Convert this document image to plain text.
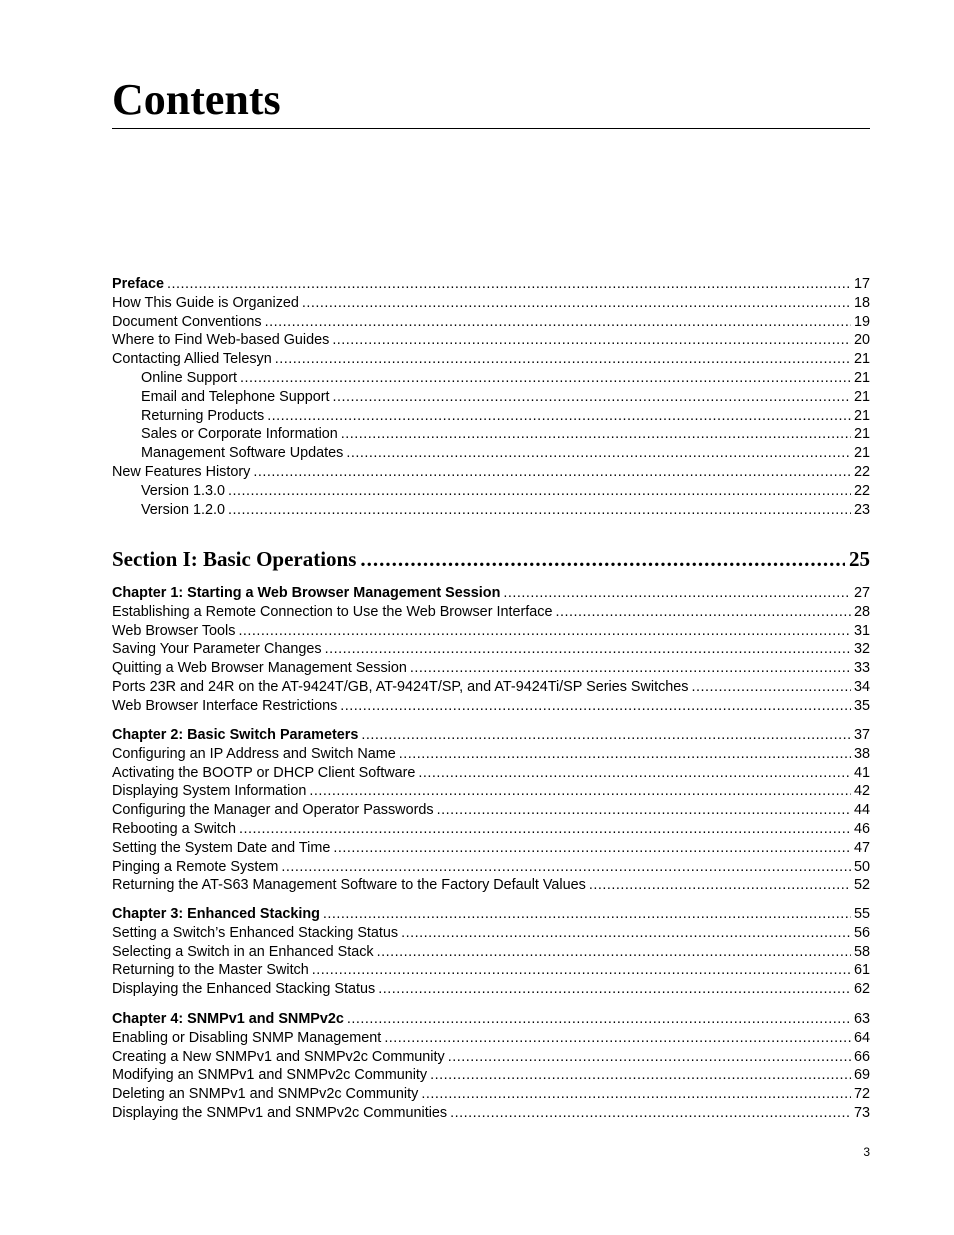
Contents
Preface .....	17
How This Guide is Organized .....	18
Document Conventions .....	19
Where to Find Web-based Guides .....	20
Contacting Allied Telesyn .....	21
Online Support .....	21
Email and Telephone Support .....	21
Returning Products .....	21
Sales or Corporate Information .....	21
Management Software Updates .....	21
New Features History .....	22
Version 1.3.0 .....	22
Version 1.2.0 .....	23
Section I: Basic Operations .....	25
Chapter 1: Starting a Web Browser Management Session .....	27
Establishing a Remote Connection to Use the Web Browser Interface .....	28
Web Browser Tools .....	31
Saving Your Parameter Changes .....	32
Quitting a Web Browser Management Session .....	33
Ports 23R and 24R on the AT-9424T/GB, AT-9424T/SP, and AT-9424Ti/SP Series Switches .....	34
Web Browser Interface Restrictions .....	35
Chapter 2: Basic Switch Parameters .....	37
Configuring an IP Address and Switch Name .....	38
Activating the BOOTP or DHCP Client Software .....	41
Displaying System Information .....	42
Configuring the Manager and Operator Passwords .....	44
Rebooting a Switch .....	46
Setting the System Date and Time .....	47
Pinging a Remote System .....	50
Returning the AT-S63 Management Software to the Factory Default Values .....	52
Chapter 3: Enhanced Stacking .....	55
Setting a Switch’s Enhanced Stacking Status .....	56
Selecting a Switch in an Enhanced Stack .....	58
Returning to the Master Switch .....	61
Displaying the Enhanced Stacking Status .....	62
Chapter 4: SNMPv1 and SNMPv2c .....	63
Enabling or Disabling SNMP Management .....	64
Creating a New SNMPv1 and SNMPv2c Community .....	66
Modifying an SNMPv1 and SNMPv2c Community .....	69
Deleting an SNMPv1 and SNMPv2c Community .....	72
Displaying the SNMPv1 and SNMPv2c Communities .....	73
3
